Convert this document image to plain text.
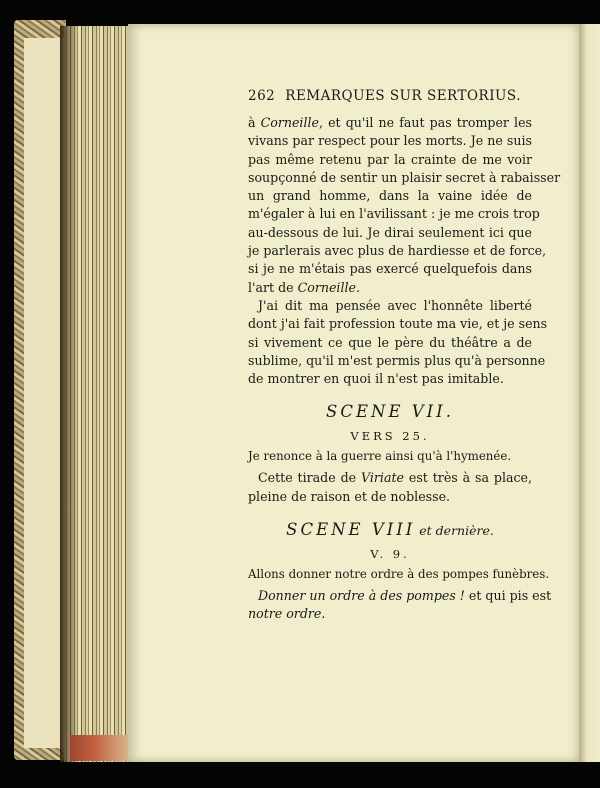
262 REMARQUES SUR SERTORIUS.
à Corneille, et qu'il ne faut pas tromper les
vivans par respect pour les morts. Je ne suis
pas même retenu par la crainte de me voir
soupçonné de sentir un plaisir secret à rabaisser
un grand homme, dans la vaine idée de
m'égaler à lui en l'avilissant : je me crois trop
au-dessous de lui. Je dirai seulement ici que
je parlerais avec plus de hardiesse et de force,
si je ne m'étais pas exercé quelquefois dans
l'art de Corneille.
J'ai dit ma pensée avec l'honnête liberté
dont j'ai fait profession toute ma vie, et je sens
si vivement ce que le père du théâtre a de
sublime, qu'il m'est permis plus qu'à personne
de montrer en quoi il n'est pas imitable.
SCENE VII.
VERS 25.
Je renonce à la guerre ainsi qu'à l'hymenée.
Cette tirade de Viriate est très à sa place,
pleine de raison et de noblesse.
SCENE VIII et dernière.
V. 9.
Allons donner notre ordre à des pompes funèbres.
Donner un ordre à des pompes ! et qui pis est
notre ordre.
